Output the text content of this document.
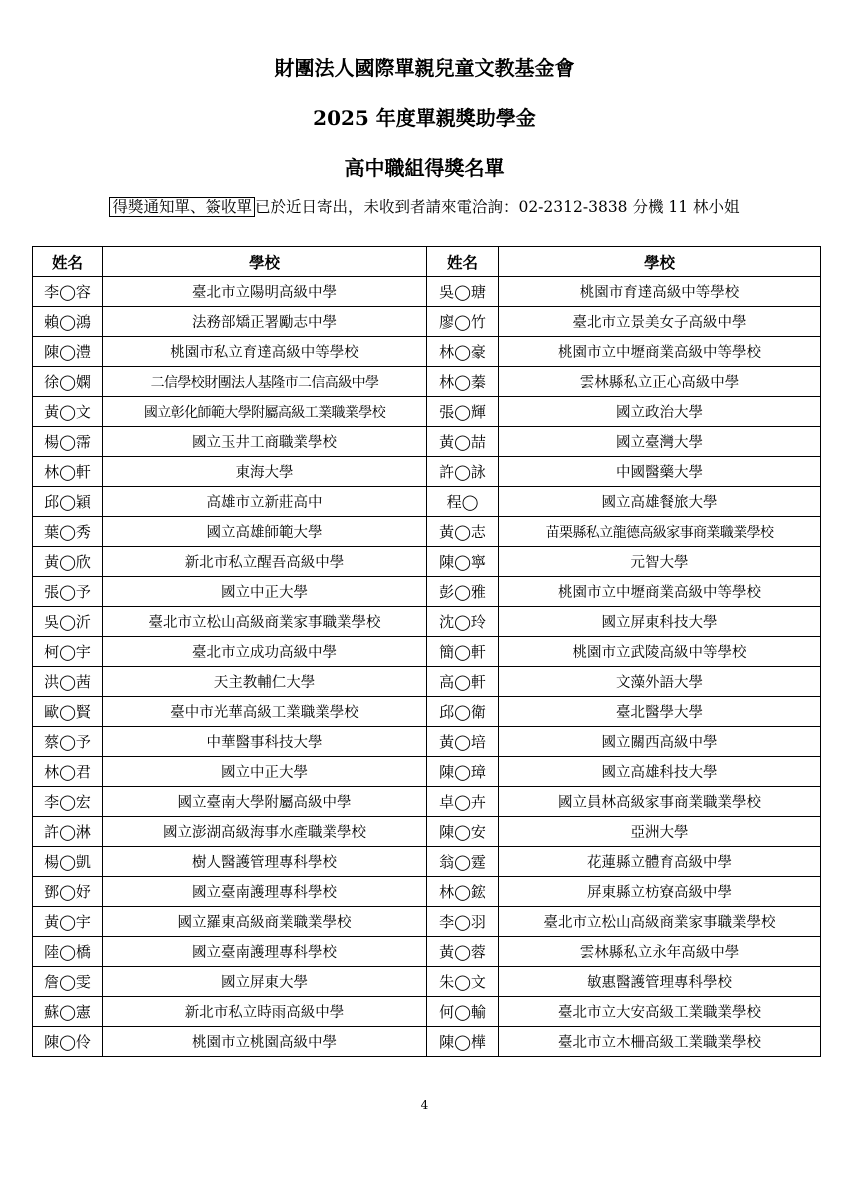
財團法人國際單親兒童文教基金會
2025 年度單親獎助學金
高中職組得獎名單
得獎通知單、簽收單 已於近日寄出，未收到者請來電洽詢：02-2312-3838 分機 11 林小姐
姓名	學校	姓名	學校
李◯容	臺北市立陽明高級中學	吳◯瑭	桃園市育達高級中等學校
賴◯鴻	法務部矯正署勵志中學	廖◯竹	臺北市立景美女子高級中學
陳◯澧	桃園市私立育達高級中等學校	林◯豪	桃園市立中壢商業高級中等學校
徐◯嫻	二信學校財團法人基隆市二信高級中學	林◯蓁	雲林縣私立正心高級中學
黃◯文	國立彰化師範大學附屬高級工業職業學校	張◯輝	國立政治大學
楊◯霈	國立玉井工商職業學校	黃◯喆	國立臺灣大學
林◯軒	東海大學	許◯詠	中國醫藥大學
邱◯穎	高雄市立新莊高中	程◯	國立高雄餐旅大學
葉◯秀	國立高雄師範大學	黃◯志	苗栗縣私立龍德高級家事商業職業學校
黃◯欣	新北市私立醒吾高級中學	陳◯寧	元智大學
張◯予	國立中正大學	彭◯雅	桃園市立中壢商業高級中等學校
吳◯沂	臺北市立松山高級商業家事職業學校	沈◯玲	國立屏東科技大學
柯◯宇	臺北市立成功高級中學	簡◯軒	桃園市立武陵高級中等學校
洪◯茜	天主教輔仁大學	高◯軒	文藻外語大學
歐◯賢	臺中市光華高級工業職業學校	邱◯衛	臺北醫學大學
蔡◯予	中華醫事科技大學	黃◯培	國立關西高級中學
林◯君	國立中正大學	陳◯璋	國立高雄科技大學
李◯宏	國立臺南大學附屬高級中學	卓◯卉	國立員林高級家事商業職業學校
許◯淋	國立澎湖高級海事水產職業學校	陳◯安	亞洲大學
楊◯凱	樹人醫護管理專科學校	翁◯霆	花蓮縣立體育高級中學
鄧◯妤	國立臺南護理專科學校	林◯鋐	屏東縣立枋寮高級中學
黃◯宇	國立羅東高級商業職業學校	李◯羽	臺北市立松山高級商業家事職業學校
陸◯橋	國立臺南護理專科學校	黃◯蓉	雲林縣私立永年高級中學
詹◯雯	國立屏東大學	朱◯文	敏惠醫護管理專科學校
蘇◯憲	新北市私立時雨高級中學	何◯輸	臺北市立大安高級工業職業學校
陳◯伶	桃園市立桃園高級中學	陳◯樺	臺北市立木柵高級工業職業學校
4
